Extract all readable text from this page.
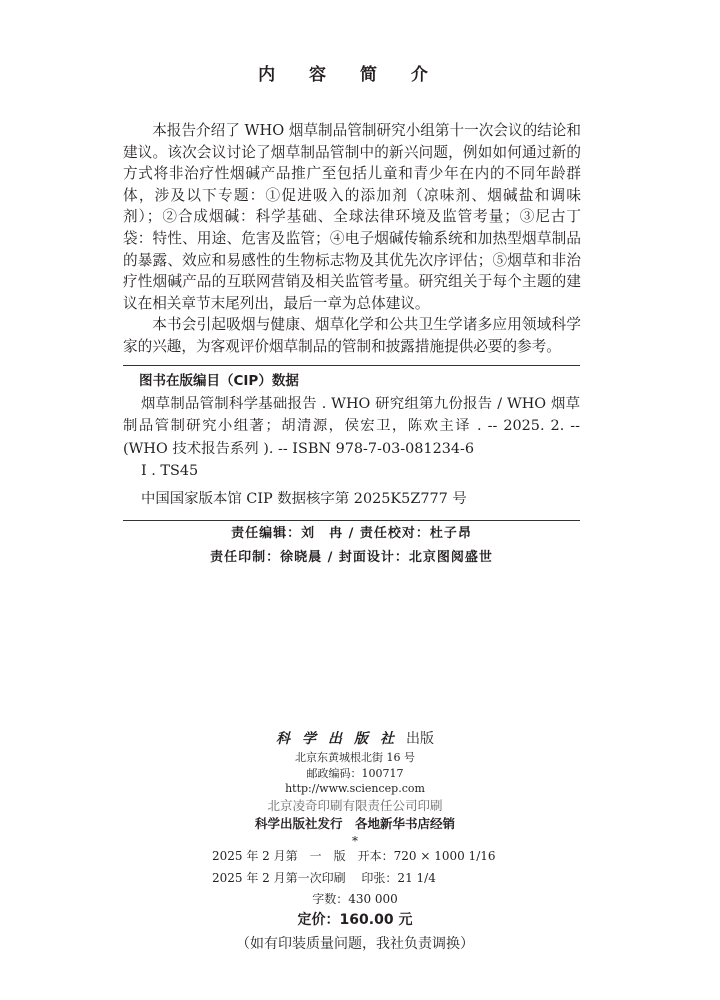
内 容 简 介

本报告介绍了 WHO 烟草制品管制研究小组第十一次会议的结论和建议。该次会议讨论了烟草制品管制中的新兴问题，例如如何通过新的方式将非治疗性烟碱产品推广至包括儿童和青少年在内的不同年龄群体，涉及以下专题：①促进吸入的添加剂（凉味剂、烟碱盐和调味剂）；②合成烟碱：科学基础、全球法律环境及监管考量；③尼古丁袋：特性、用途、危害及监管；④电子烟碱传输系统和加热型烟草制品的暴露、效应和易感性的生物标志物及其优先次序评估；⑤烟草和非治疗性烟碱产品的互联网营销及相关监管考量。研究组关于每个主题的建议在相关章节末尾列出，最后一章为总体建议。

本书会引起吸烟与健康、烟草化学和公共卫生学诸多应用领域科学家的兴趣，为客观评价烟草制品的管制和披露措施提供必要的参考。

图书在版编目（CIP）数据
烟草制品管制科学基础报告 . WHO 研究组第九份报告 / WHO 烟草制品管制研究小组著；胡清源，侯宏卫，陈欢主译 . -- 2025. 2. -- (WHO 技术报告系列 ). -- ISBN 978-7-03-081234-6
Ⅰ . TS45
中国国家版本馆 CIP 数据核字第 2025K5Z777 号
责任编辑：刘　冉 / 责任校对：杜子昂
责任印制：徐晓晨 / 封面设计：北京图阅盛世
科学出版社出版
北京东黄城根北街 16 号
邮政编码：100717
http://www.sciencep.com
北京凌奇印刷有限责任公司印刷
科学出版社发行　各地新华书店经销
*
2025 年 2 月第　一　版　开本：720 × 1000 1/16
2025 年 2 月第一次印刷　 印张：21 1/4
字数：430 000
定价：160.00 元
（如有印装质量问题，我社负责调换）
